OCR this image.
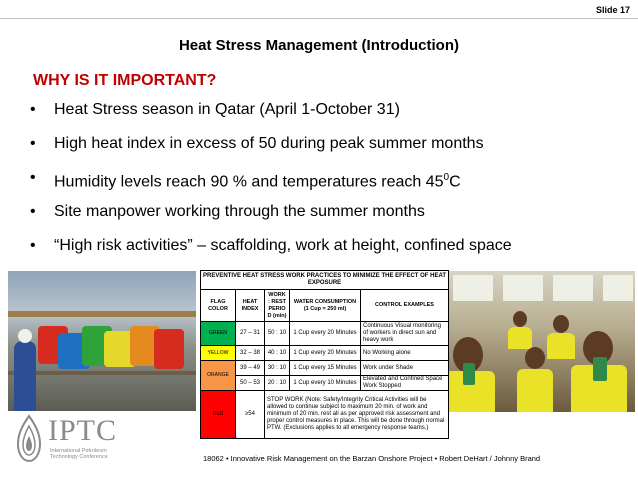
Slide 17
Heat Stress Management (Introduction)
WHY IS IT IMPORTANT?
• Heat Stress season in Qatar (April 1-October 31)
• High heat index in excess of 50 during peak summer months
• Humidity levels reach 90 % and temperatures reach $45^0C$
• Site manpower working through the summer months
• “High risk activities” – scaffolding, work at height, confined space
PREVENTIVE HEAT STRESS WORK PRACTICES TO MINIMIZE THE EFFECT OF HEAT EXPOSURE				
FLAG COLOR	HEAT INDEX	WORK : REST PERIO D (min)	WATER CONSUMPTION (1 Cup = 250 ml)	CONTROL EXAMPLES
GREEN	27 – 31	50 : 10	1 Cup every 20 Minutes	Continuous Visual monitoring of workers in direct sun and heavy work
YELLOW	32 – 38	40 : 10	1 Cup every 20 Minutes	No Working alone
ORANGE	39 – 49	30 : 10	1 Cup every 15 Minutes	Work under Shade
	50 – 53	20 : 10	1 Cup every 10 Minutes	Elevated and Confined Space Work Stopped
RED	≥54	STOP WORK (Note: Safety/Integrity Critical Activities will be allowed to continue subject to maximum 20 min. of work and minimum of 20 min. rest all as per approved risk assessment and proper control measures in place. This will be done through normal PTW. (Exclusions applies to all emergency response teams.)		
IPTC
International Petroleum
Technology Conference	18062 • Innovative Risk Management on the Barzan Onshore Project • Robert DeHart / Johnny Brand
